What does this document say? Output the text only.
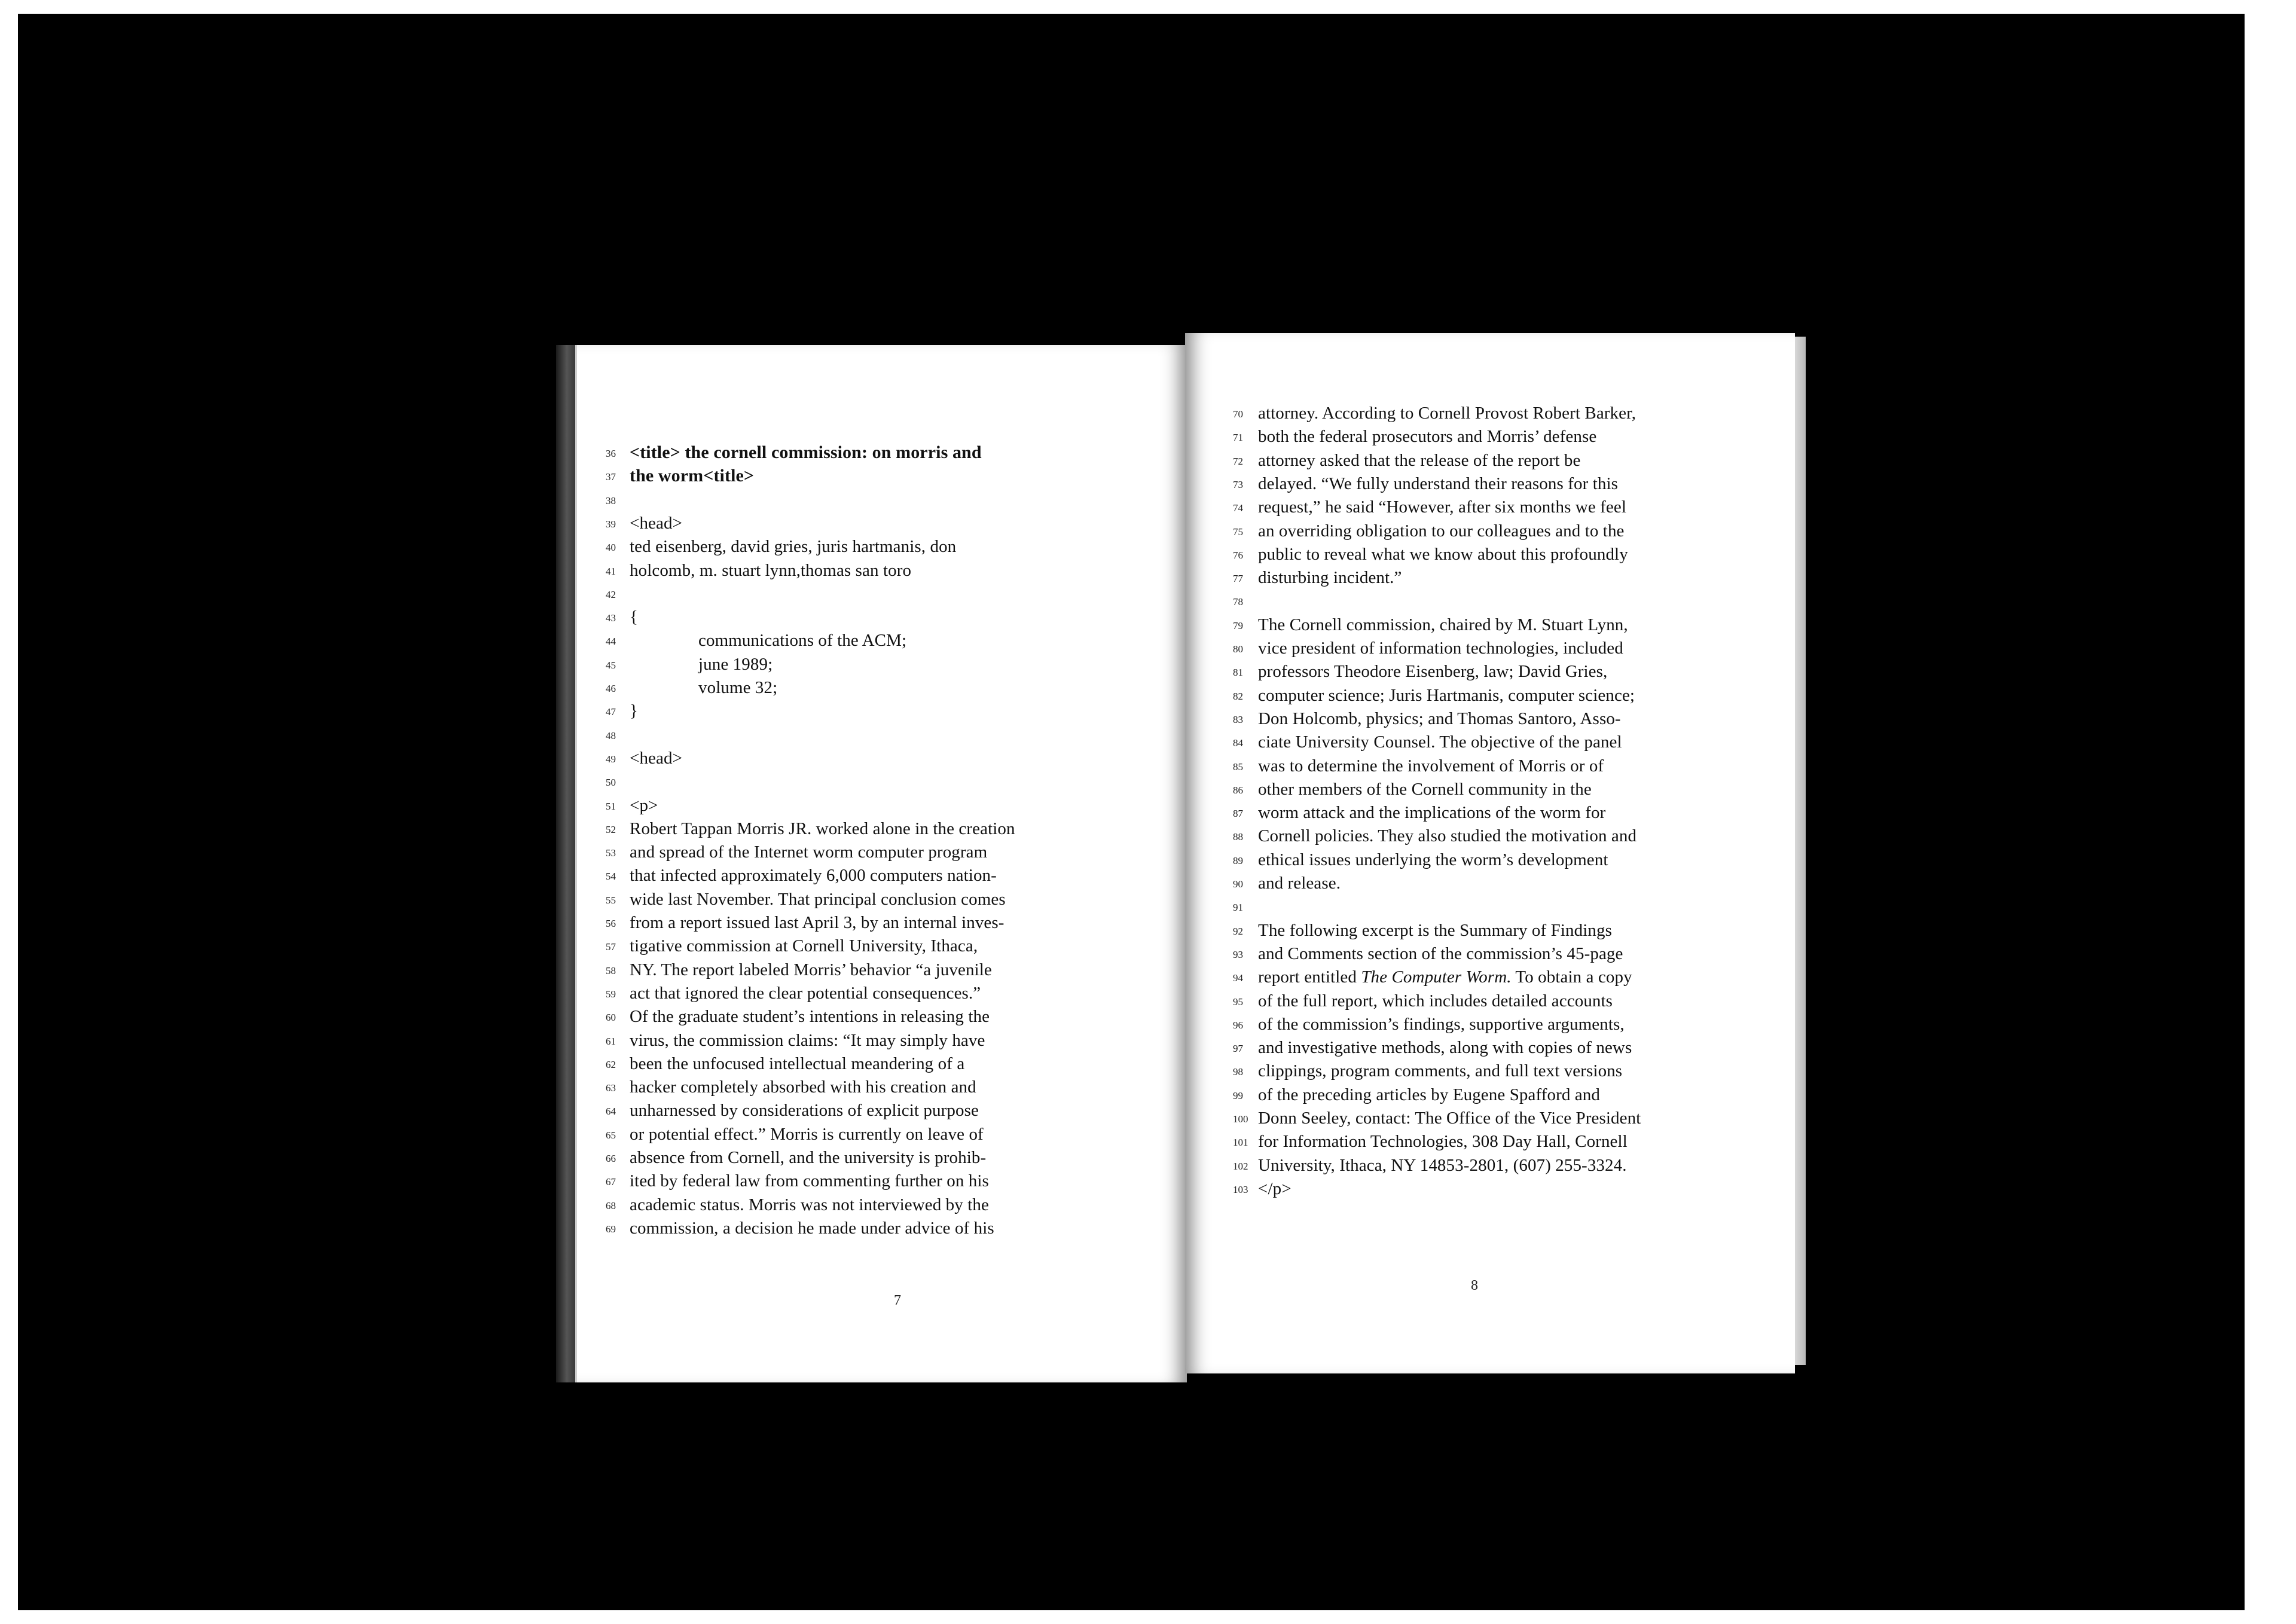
7
36 <title> the cornell commission: on morris and
37 the worm<title>
38
39 <head>
40 ted eisenberg, david gries, juris hartmanis, don
41 holcomb, m. stuart lynn,thomas san toro
42
43 {
44	communications of the ACM;
45	june 1989;
46	volume 32;
47 }
48
49 <head>
50
51 <p>
52 Robert Tappan Morris JR. worked alone in the creation
53 and spread of the Internet worm computer program
54 that infected approximately 6,000 computers nation-
55 wide last November. That principal conclusion comes
56 from a report issued last April 3, by an internal inves-
57 tigative commission at Cornell University, Ithaca,
58 NY. The report labeled Morris’ behavior “a juvenile
59 act that ignored the clear potential consequences.”
60 Of the graduate student’s intentions in releasing the
61 virus, the commission claims: “It may simply have
62 been the unfocused intellectual meandering of a
63 hacker completely absorbed with his creation and
64 unharnessed by considerations of explicit purpose
65 or potential effect.” Morris is currently on leave of
66 absence from Cornell, and the university is prohib-
67 ited by federal law from commenting further on his
68 academic status. Morris was not interviewed by the
69 commission, a decision he made under advice of his
8
70 attorney. According to Cornell Provost Robert Barker,
71 both the federal prosecutors and Morris’ defense
72 attorney asked that the release of the report be
73 delayed. “We fully understand their reasons for this
74 request,” he said “However, after six months we feel
75 an overriding obligation to our colleagues and to the
76 public to reveal what we know about this profoundly
77 disturbing incident.”
78
79 The Cornell commission, chaired by M. Stuart Lynn,
80 vice president of information technologies, included
81 professors Theodore Eisenberg, law; David Gries,
82 computer science; Juris Hartmanis, computer science;
83 Don Holcomb, physics; and Thomas Santoro, Asso-
84 ciate University Counsel. The objective of the panel
85 was to determine the involvement of Morris or of
86 other members of the Cornell community in the
87 worm attack and the implications of the worm for
88 Cornell policies. They also studied the motivation and
89 ethical issues underlying the worm’s development
90 and release.
91
92 The following excerpt is the Summary of Findings
93 and Comments section of the commission’s 45-page
94 report entitled The Computer Worm. To obtain a copy
95 of the full report, which includes detailed accounts
96 of the commission’s findings, supportive arguments,
97 and investigative methods, along with copies of news
98 clippings, program comments, and full text versions
99 of the preceding articles by Eugene Spafford and
100 Donn Seeley, contact: The Office of the Vice President
101 for Information Technologies, 308 Day Hall, Cornell
102 University, Ithaca, NY 14853-2801, (607) 255-3324.
103 </p>
